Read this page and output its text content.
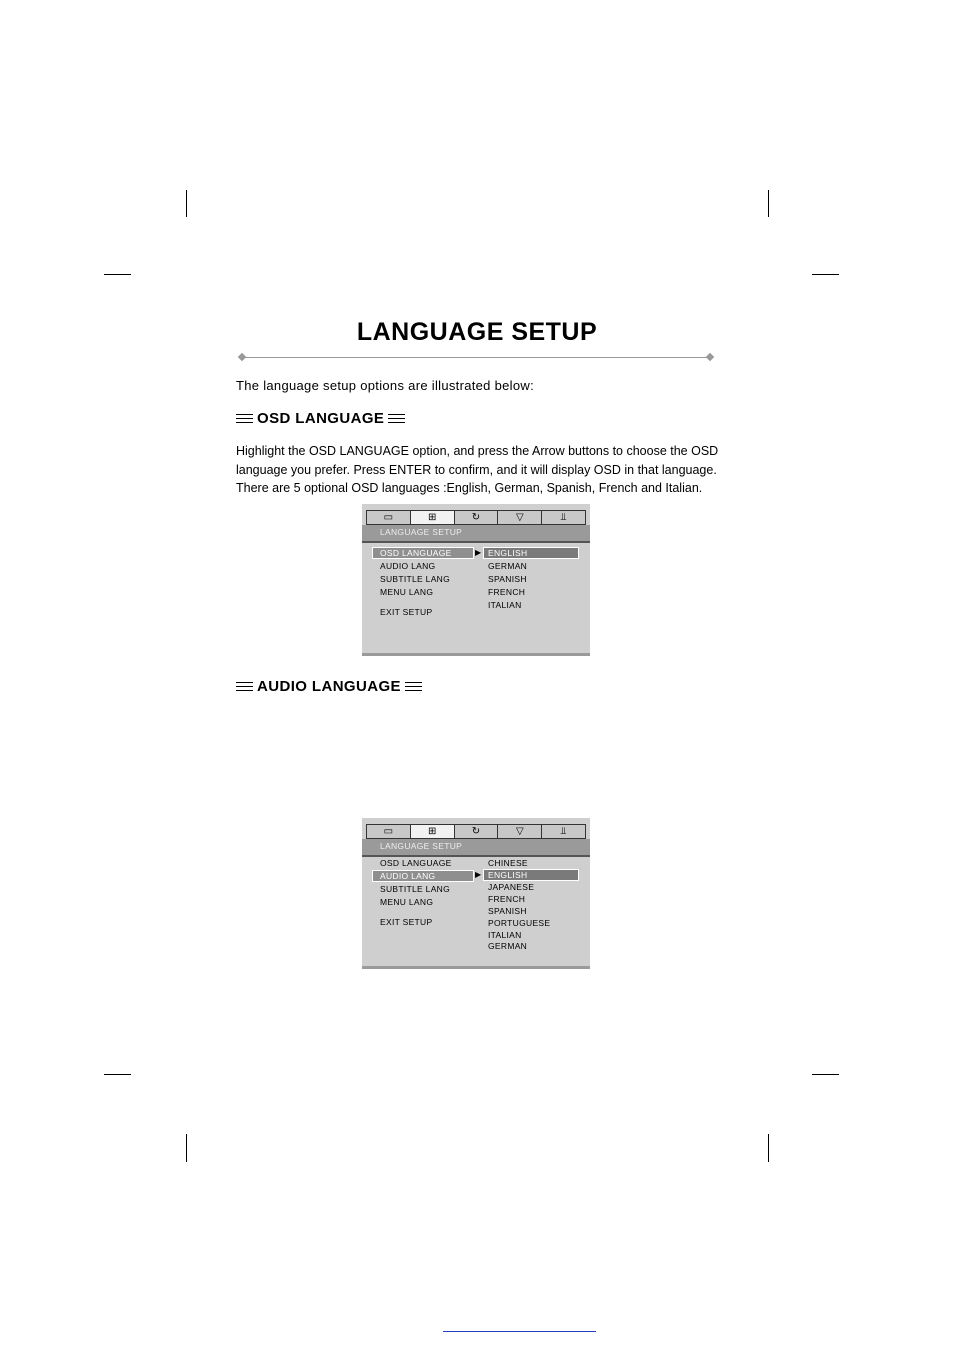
LANGUAGE SETUP
The language setup options are illustrated below:
OSD LANGUAGE
Highlight the OSD LANGUAGE option, and press the Arrow buttons to choose the OSD language you prefer. Press ENTER to confirm, and it will display OSD in that language. There are 5 optional OSD languages :English, German, Spanish, French and Italian.
▭	⊞	↻	▽	⫫
LANGUAGE SETUP
OSD LANGUAGE
AUDIO LANG
SUBTITLE LANG
MENU LANG
EXIT SETUP
▶ ENGLISH
GERMAN
SPANISH
FRENCH
ITALIAN
AUDIO LANGUAGE
▭	⊞	↻	▽	⫫
LANGUAGE SETUP
OSD LANGUAGE
AUDIO LANG
SUBTITLE LANG
MENU LANG
EXIT SETUP
▶
CHINESE
ENGLISH
JAPANESE
FRENCH
SPANISH
PORTUGUESE
ITALIAN
GERMAN
